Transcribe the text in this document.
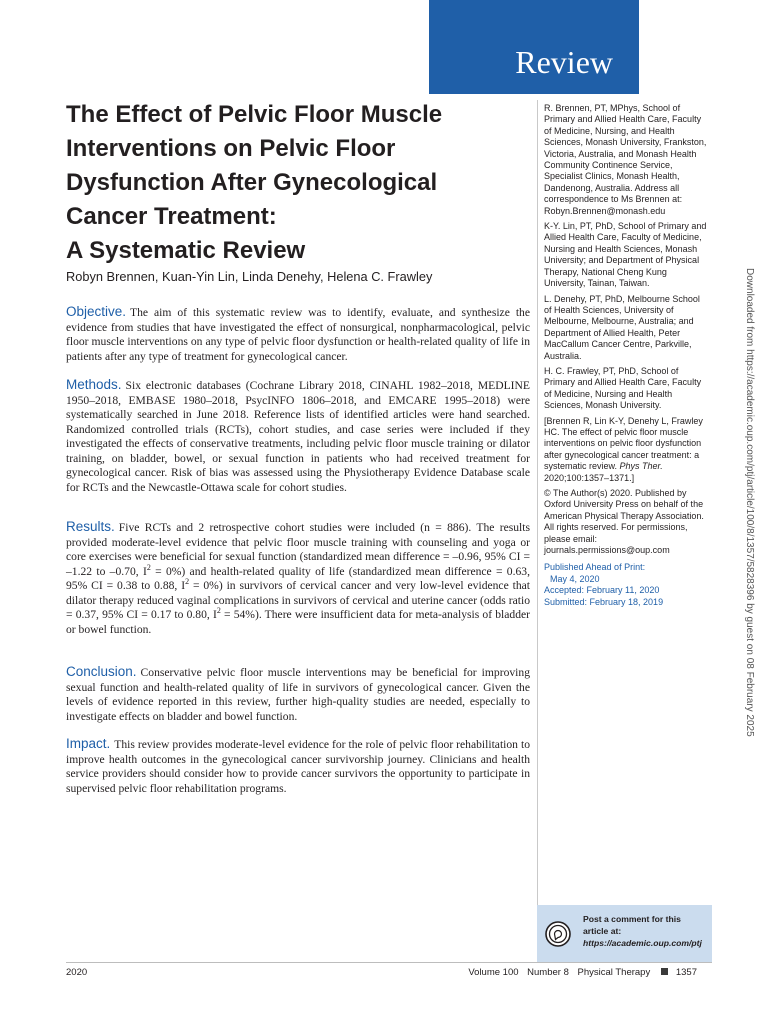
Review
The Effect of Pelvic Floor Muscle
Interventions on Pelvic Floor
Dysfunction After Gynecological
Cancer Treatment:
A Systematic Review
Robyn Brennen, Kuan-Yin Lin, Linda Denehy, Helena C. Frawley

Objective. The aim of this systematic review was to identify, evaluate, and synthesize the evidence from studies that have investigated the effect of nonsurgical, nonpharmacological, pelvic floor muscle interventions on any type of pelvic floor dysfunction or health-related quality of life in patients after any type of treatment for gynecological cancer.

Methods. Six electronic databases (Cochrane Library 2018, CINAHL 1982–2018, MEDLINE 1950–2018, EMBASE 1980–2018, PsycINFO 1806–2018, and EMCARE 1995–2018) were systematically searched in June 2018. Reference lists of identified articles were hand searched. Randomized controlled trials (RCTs), cohort studies, and case series were included if they investigated the effects of conservative treatments, including pelvic floor muscle training or dilator training, on bladder, bowel, or sexual function in patients who had received treatment for gynecological cancer. Risk of bias was assessed using the Physiotherapy Evidence Database scale for RCTs and the Newcastle-Ottawa scale for cohort studies.

Results. Five RCTs and 2 retrospective cohort studies were included (n = 886). The results provided moderate-level evidence that pelvic floor muscle training with counseling and yoga or core exercises were beneficial for sexual function (standardized mean difference = –0.96, 95% CI = –1.22 to –0.70, $I^2 = 0\%$) and health-related quality of life (standardized mean difference = 0.63, 95% CI = 0.38 to 0.88, $I^2 = 0\%$) in survivors of cervical cancer and very low-level evidence that dilator therapy reduced vaginal complications in survivors of cervical and uterine cancer (odds ratio = 0.37, 95% CI = 0.17 to 0.80, $I^2 = 54\%$). There were insufficient data for meta-analysis of bladder or bowel function.

Conclusion. Conservative pelvic floor muscle interventions may be beneficial for improving sexual function and health-related quality of life in survivors of gynecological cancer. Given the levels of evidence reported in this review, further high-quality studies are needed, especially to investigate effects on bladder and bowel function.

Impact. This review provides moderate-level evidence for the role of pelvic floor rehabilitation to improve health outcomes in the gynecological cancer survivorship journey. Clinicians and health service providers should consider how to provide cancer survivors the opportunity to participate in supervised pelvic floor rehabilitation programs.

R. Brennen, PT, MPhys, School of Primary and Allied Health Care, Faculty of Medicine, Nursing, and Health Sciences, Monash University, Frankston, Victoria, Australia, and Monash Health Community Continence Service, Specialist Clinics, Monash Health, Dandenong, Australia. Address all correspondence to Ms Brennen at: Robyn.Brennen@monash.edu

K-Y. Lin, PT, PhD, School of Primary and Allied Health Care, Faculty of Medicine, Nursing and Health Sciences, Monash University; and Department of Physical Therapy, National Cheng Kung University, Tainan, Taiwan.

L. Denehy, PT, PhD, Melbourne School of Health Sciences, University of Melbourne, Melbourne, Australia; and Department of Allied Health, Peter MacCallum Cancer Centre, Parkville, Australia.

H. C. Frawley, PT, PhD, School of Primary and Allied Health Care, Faculty of Medicine, Nursing and Health Sciences, Monash University.

[Brennen R, Lin K-Y, Denehy L, Frawley HC. The effect of pelvic floor muscle interventions on pelvic floor dysfunction after gynecological cancer treatment: a systematic review. Phys Ther. 2020;100:1357–1371.]

© The Author(s) 2020. Published by Oxford University Press on behalf of the American Physical Therapy Association. All rights reserved. For permissions, please email: journals.permissions@oup.com

Published Ahead of Print:
May 4, 2020
Accepted: February 11, 2020
Submitted: February 18, 2019
Post a comment for this
article at:
https://academic.oup.com/ptj
2020	Volume 100 Number 8 Physical Therapy	1357
Downloaded from https://academic.oup.com/ptj/article/100/8/1357/5828396 by guest on 08 February 2025
